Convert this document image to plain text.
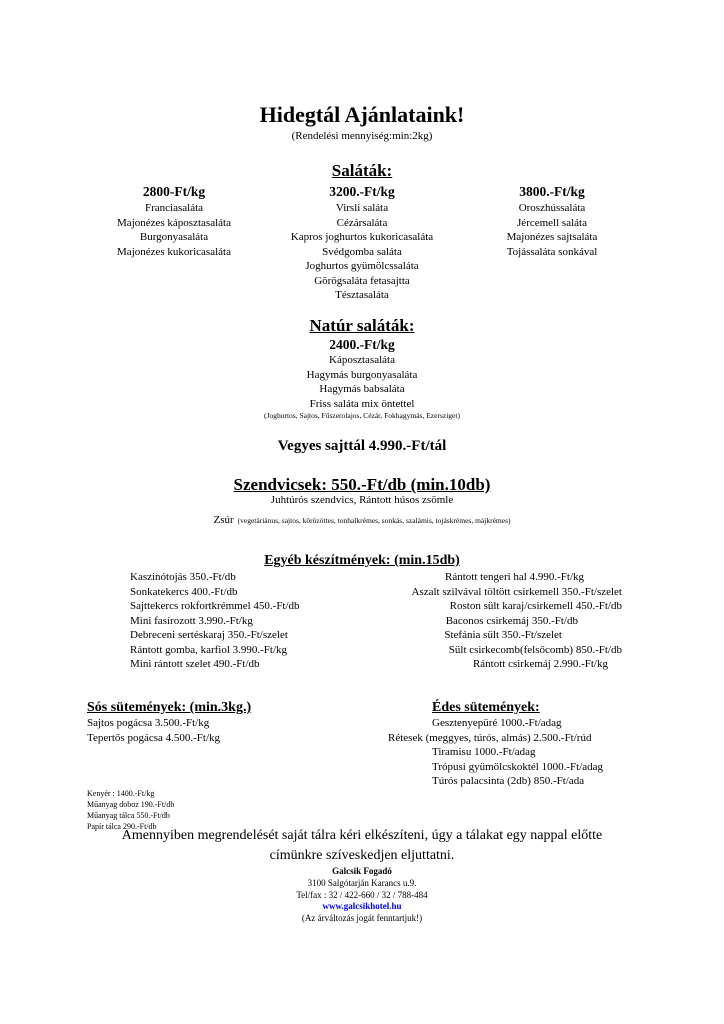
Hidegtál Ajánlataink!
(Rendelési mennyiség:min:2kg)
Saláták:
2800-Ft/kg
Franciasaláta
Majonézes káposztasaláta
Burgonyasaláta
Majonézes kukoricasaláta
3200.-Ft/kg
Virsli saláta
Cézársaláta
Kapros joghurtos kukoricasaláta
Svédgomba saláta
Joghurtos gyümölcssaláta
Görögsaláta fetasajtta
Tésztasaláta
3800.-Ft/kg
Oroszhússaláta
Jércemell saláta
Majonézes sajtsaláta
Tojássaláta sonkával
Natúr saláták:
2400.-Ft/kg
Káposztasaláta
Hagymás burgonyasaláta
Hagymás babsaláta
Friss saláta mix öntettel
(Joghurtos, Sajtos, Fűszerolajos, Cézár, Fokhagymás, Ezersziget)
Vegyes sajttál 4.990.-Ft/tál
Szendvicsek: 550.-Ft/db (min.10db)
Juhtúrós szendvics, Rántott húsos zsömle
Zsúr (vegetáriánus, sajtos, kőrözöttes, tonhalkrémes, sonkás, szalámis, tojáskrémes, májkrémes)
Egyéb készítmények: (min.15db)
Kaszinótojás 350.-Ft/db
Sonkatekercs 400.-Ft/db
Sajttekercs rokfortkrémmel 450.-Ft/db
Mini fasírozott 3.990.-Ft/kg
Debreceni sertéskaraj 350.-Ft/szelet
Rántott gomba, karfiol 3.990.-Ft/kg
Mini rántott szelet 490.-Ft/db
Rántott tengeri hal 4.990.-Ft/kg
Aszalt szilvával töltött csirkemell 350.-Ft/szelet
Roston sült karaj/csirkemell 450.-Ft/db
Baconos csirkemáj 350.-Ft/db
Stefánia sült 350.-Ft/szelet
Sült csirkecomb(felsőcomb) 850.-Ft/db
Rántott csirkemáj 2.990.-Ft/kg
Sós sütemények: (min.3kg.)
Sajtos pogácsa 3.500.-Ft/kg
Tepertős pogácsa 4.500.-Ft/kg
Édes sütemények:
Gesztenyepüré 1000.-Ft/adag
Rétesek (meggyes, túrós, almás) 2.500.-Ft/rúd
Tiramisu 1000.-Ft/adag
Trópusi gyümölcskoktél 1000.-Ft/adag
Túrós palacsinta (2db) 850.-Ft/ada
Kenyér : 1400.-Ft/kg
Műanyag doboz 190.-Ft/db
Műanyag tálca 550.-Ft/db
Papír tálca 290.-Ft/db
Amennyiben megrendelését saját tálra kéri elkészíteni, úgy a tálakat egy nappal előtte
címünkre szíveskedjen eljuttatni.
Galcsik Fogadó
3100 Salgótarján Karancs u.9.
Tel/fax : 32 / 422-660 / 32 / 788-484
www.galcsikhotel.hu
(Az árváltozás jogát fenntartjuk!)
